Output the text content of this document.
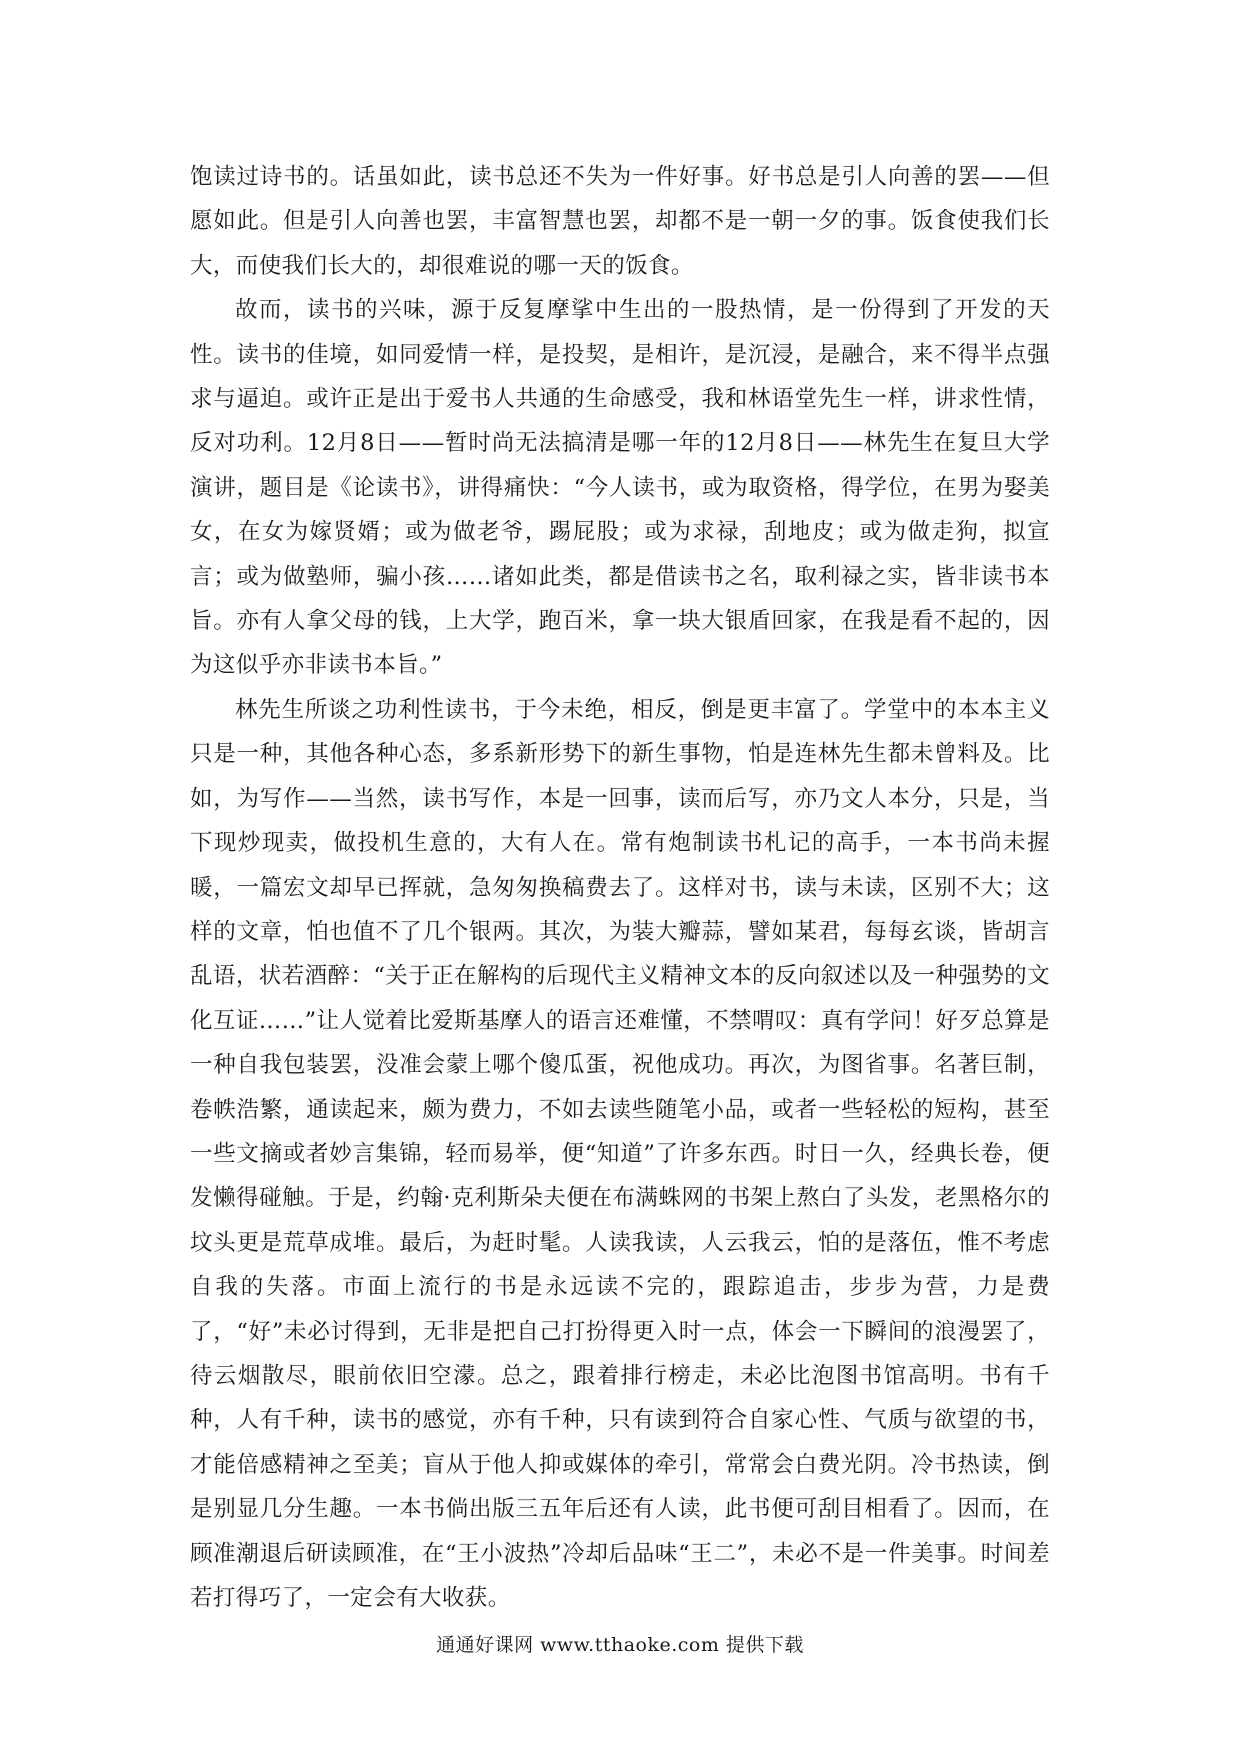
饱读过诗书的。话虽如此，读书总还不失为一件好事。好书总是引人向善的罢——但愿如此。但是引人向善也罢，丰富智慧也罢，却都不是一朝一夕的事。饭食使我们长大，而使我们长大的，却很难说的哪一天的饭食。

故而，读书的兴味，源于反复摩挲中生出的一股热情，是一份得到了开发的天性。读书的佳境，如同爱情一样，是投契，是相许，是沉浸，是融合，来不得半点强求与逼迫。或许正是出于爱书人共通的生命感受，我和林语堂先生一样，讲求性情，反对功利。12月8日——暂时尚无法搞清是哪一年的12月8日——林先生在复旦大学演讲，题目是《论读书》，讲得痛快：“今人读书，或为取资格，得学位，在男为娶美女，在女为嫁贤婿；或为做老爷，踢屁股；或为求禄，刮地皮；或为做走狗，拟宣言；或为做塾师，骗小孩……诸如此类，都是借读书之名，取利禄之实，皆非读书本旨。亦有人拿父母的钱，上大学，跑百米，拿一块大银盾回家，在我是看不起的，因为这似乎亦非读书本旨。”

林先生所谈之功利性读书，于今未绝，相反，倒是更丰富了。学堂中的本本主义只是一种，其他各种心态，多系新形势下的新生事物，怕是连林先生都未曾料及。比如，为写作——当然，读书写作，本是一回事，读而后写，亦乃文人本分，只是，当下现炒现卖，做投机生意的，大有人在。常有炮制读书札记的高手，一本书尚未握暖，一篇宏文却早已挥就，急匆匆换稿费去了。这样对书，读与未读，区别不大；这样的文章，怕也值不了几个银两。其次，为装大瓣蒜，譬如某君，每每玄谈，皆胡言乱语，状若酒醉：“关于正在解构的后现代主义精神文本的反向叙述以及一种强势的文化互证……”让人觉着比爱斯基摩人的语言还难懂，不禁喟叹：真有学问！好歹总算是一种自我包装罢，没准会蒙上哪个傻瓜蛋，祝他成功。再次，为图省事。名著巨制，卷帙浩繁，通读起来，颇为费力，不如去读些随笔小品，或者一些轻松的短构，甚至一些文摘或者妙言集锦，轻而易举，便“知道”了许多东西。时日一久，经典长卷，便发懒得碰触。于是，约翰·克利斯朵夫便在布满蛛网的书架上熬白了头发，老黑格尔的坟头更是荒草成堆。最后，为赶时髦。人读我读，人云我云，怕的是落伍，惟不考虑自我的失落。市面上流行的书是永远读不完的，跟踪追击，步步为营，力是费了，“好”未必讨得到，无非是把自己打扮得更入时一点，体会一下瞬间的浪漫罢了，待云烟散尽，眼前依旧空濛。总之，跟着排行榜走，未必比泡图书馆高明。书有千种，人有千种，读书的感觉，亦有千种，只有读到符合自家心性、气质与欲望的书，才能倍感精神之至美；盲从于他人抑或媒体的牵引，常常会白费光阴。冷书热读，倒是别显几分生趣。一本书倘出版三五年后还有人读，此书便可刮目相看了。因而，在顾准潮退后研读顾准，在“王小波热”冷却后品味“王二”，未必不是一件美事。时间差若打得巧了，一定会有大收获。

通通好课网 www.tthaoke.com 提供下载
